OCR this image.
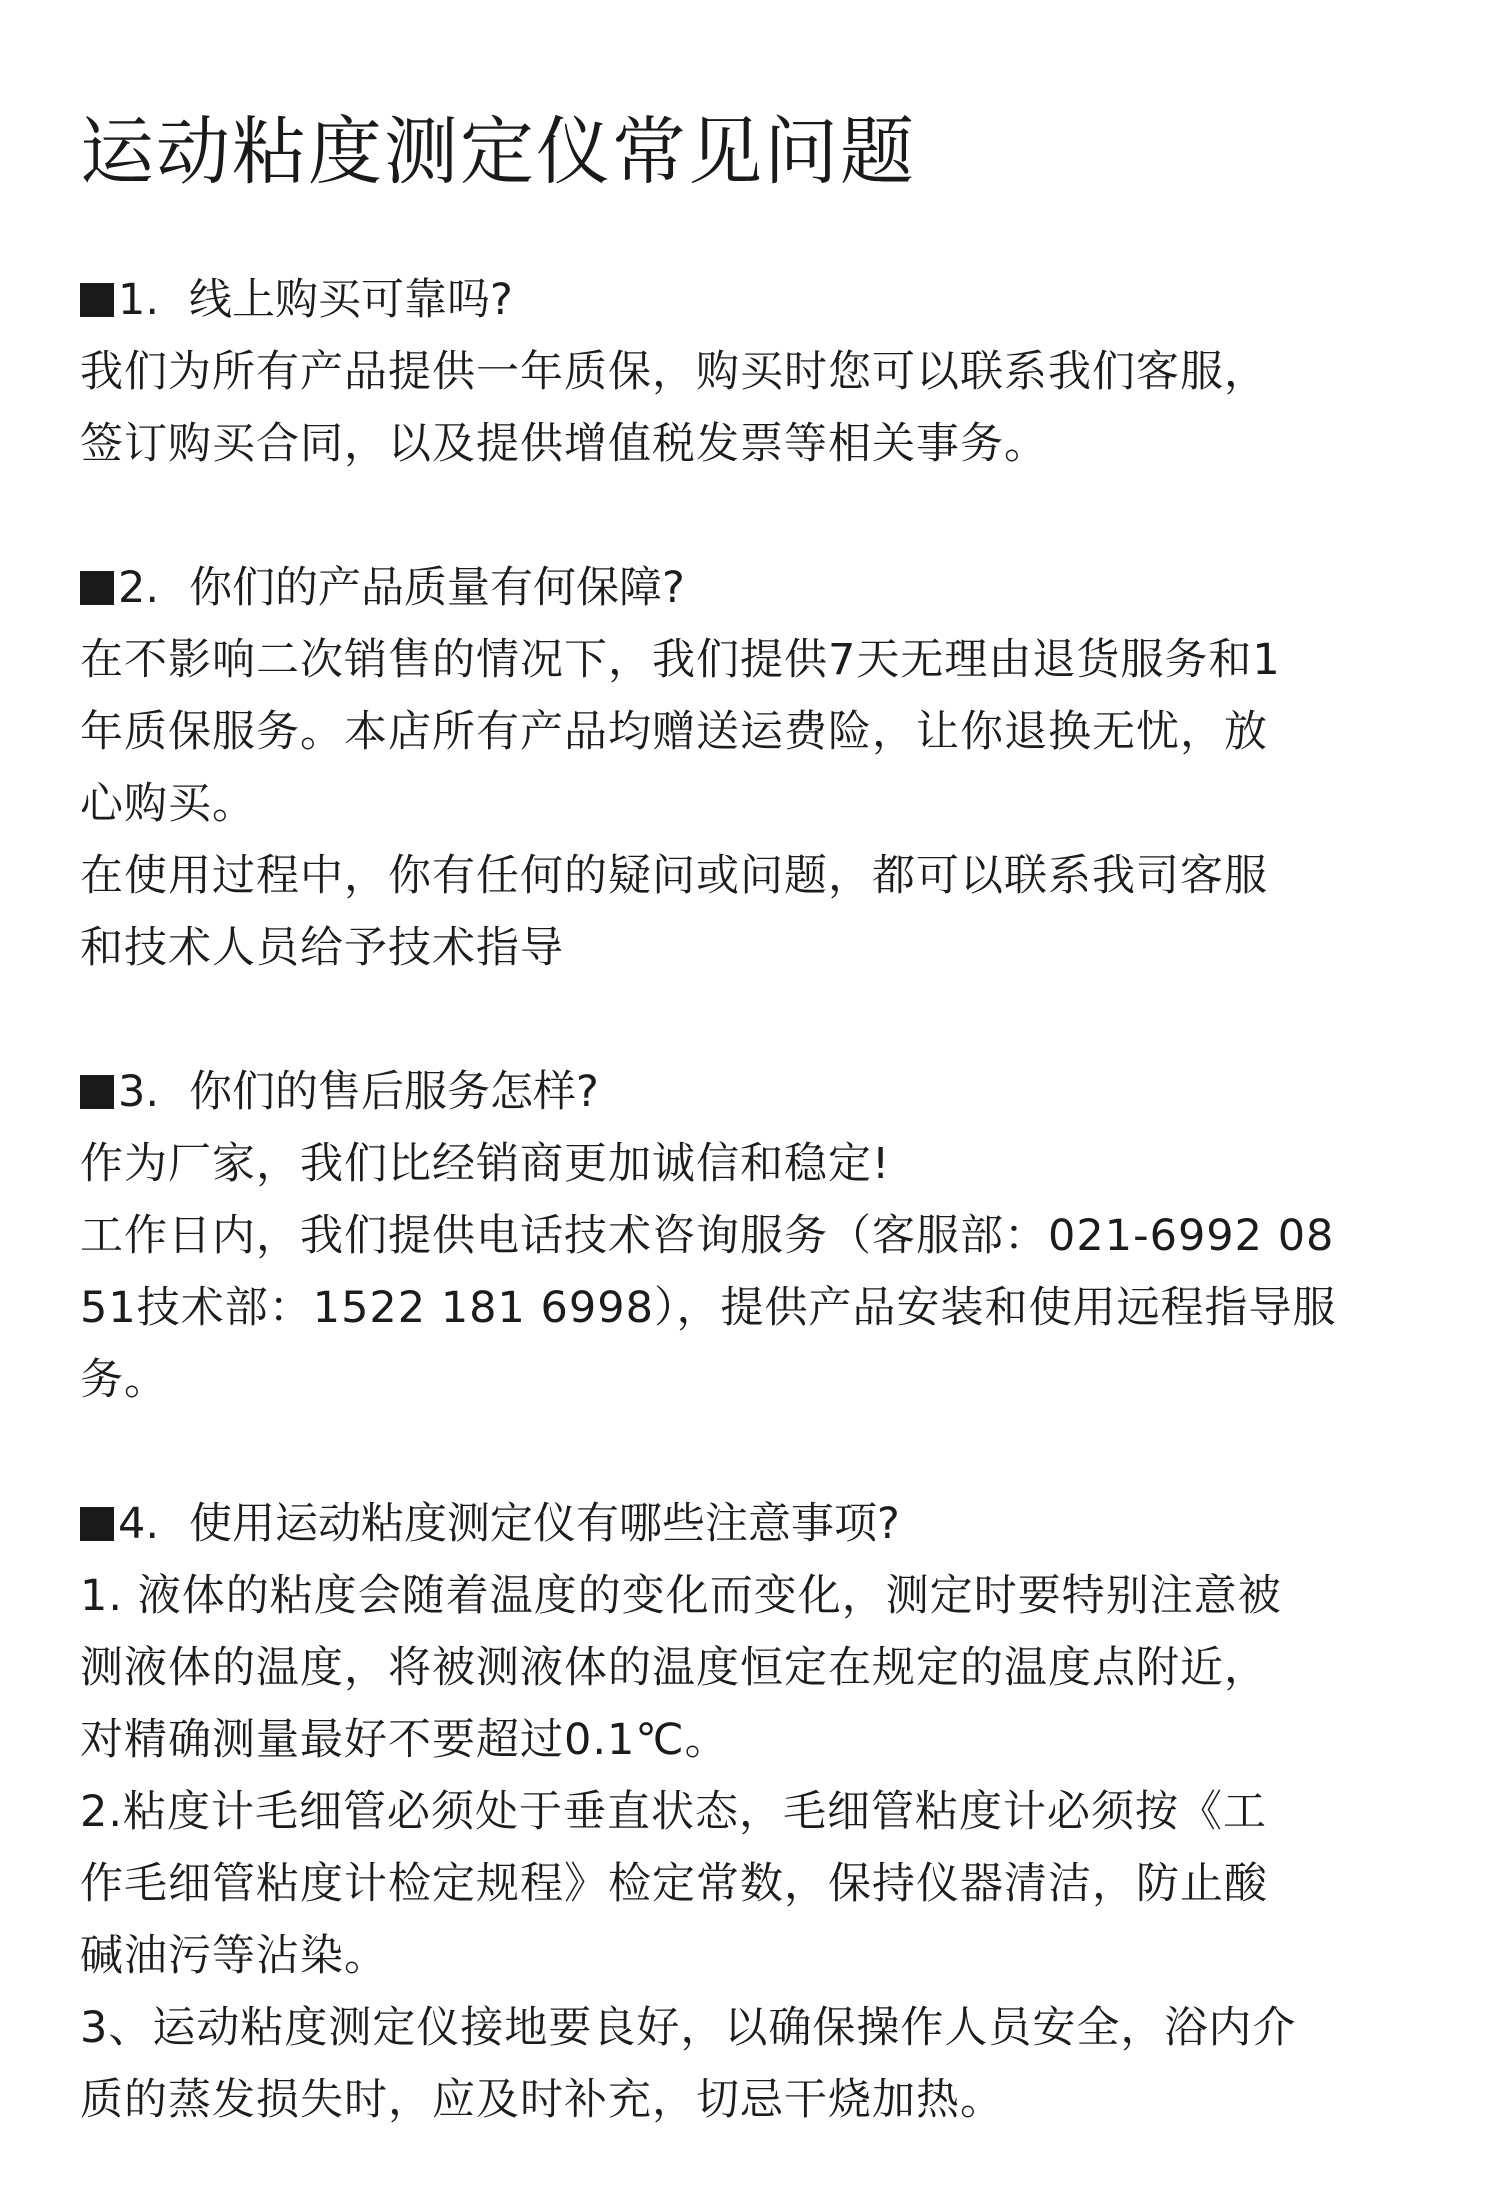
运动粘度测定仪常见问题
1. 线上购买可靠吗?

我们为所有产品提供一年质保，购买时您可以联系我们客服，

签订购买合同，以及提供增值税发票等相关事务。

2. 你们的产品质量有何保障?

在不影响二次销售的情况下，我们提供7天无理由退货服务和1

年质保服务。本店所有产品均赠送运费险，让你退换无忧，放

心购买。

在使用过程中，你有任何的疑问或问题，都可以联系我司客服

和技术人员给予技术指导

3. 你们的售后服务怎样?

作为厂家，我们比经销商更加诚信和稳定!

工作日内，我们提供电话技术咨询服务（客服部：021-6992 08

51技术部：1522 181 6998），提供产品安装和使用远程指导服

务。

4. 使用运动粘度测定仪有哪些注意事项?

1. 液体的粘度会随着温度的变化而变化，测定时要特别注意被

测液体的温度，将被测液体的温度恒定在规定的温度点附近，

对精确测量最好不要超过0.1℃。

2.粘度计毛细管必须处于垂直状态，毛细管粘度计必须按《工

作毛细管粘度计检定规程》检定常数，保持仪器清洁，防止酸

碱油污等沾染。

3、运动粘度测定仪接地要良好，以确保操作人员安全，浴内介

质的蒸发损失时，应及时补充，切忌干烧加热。
